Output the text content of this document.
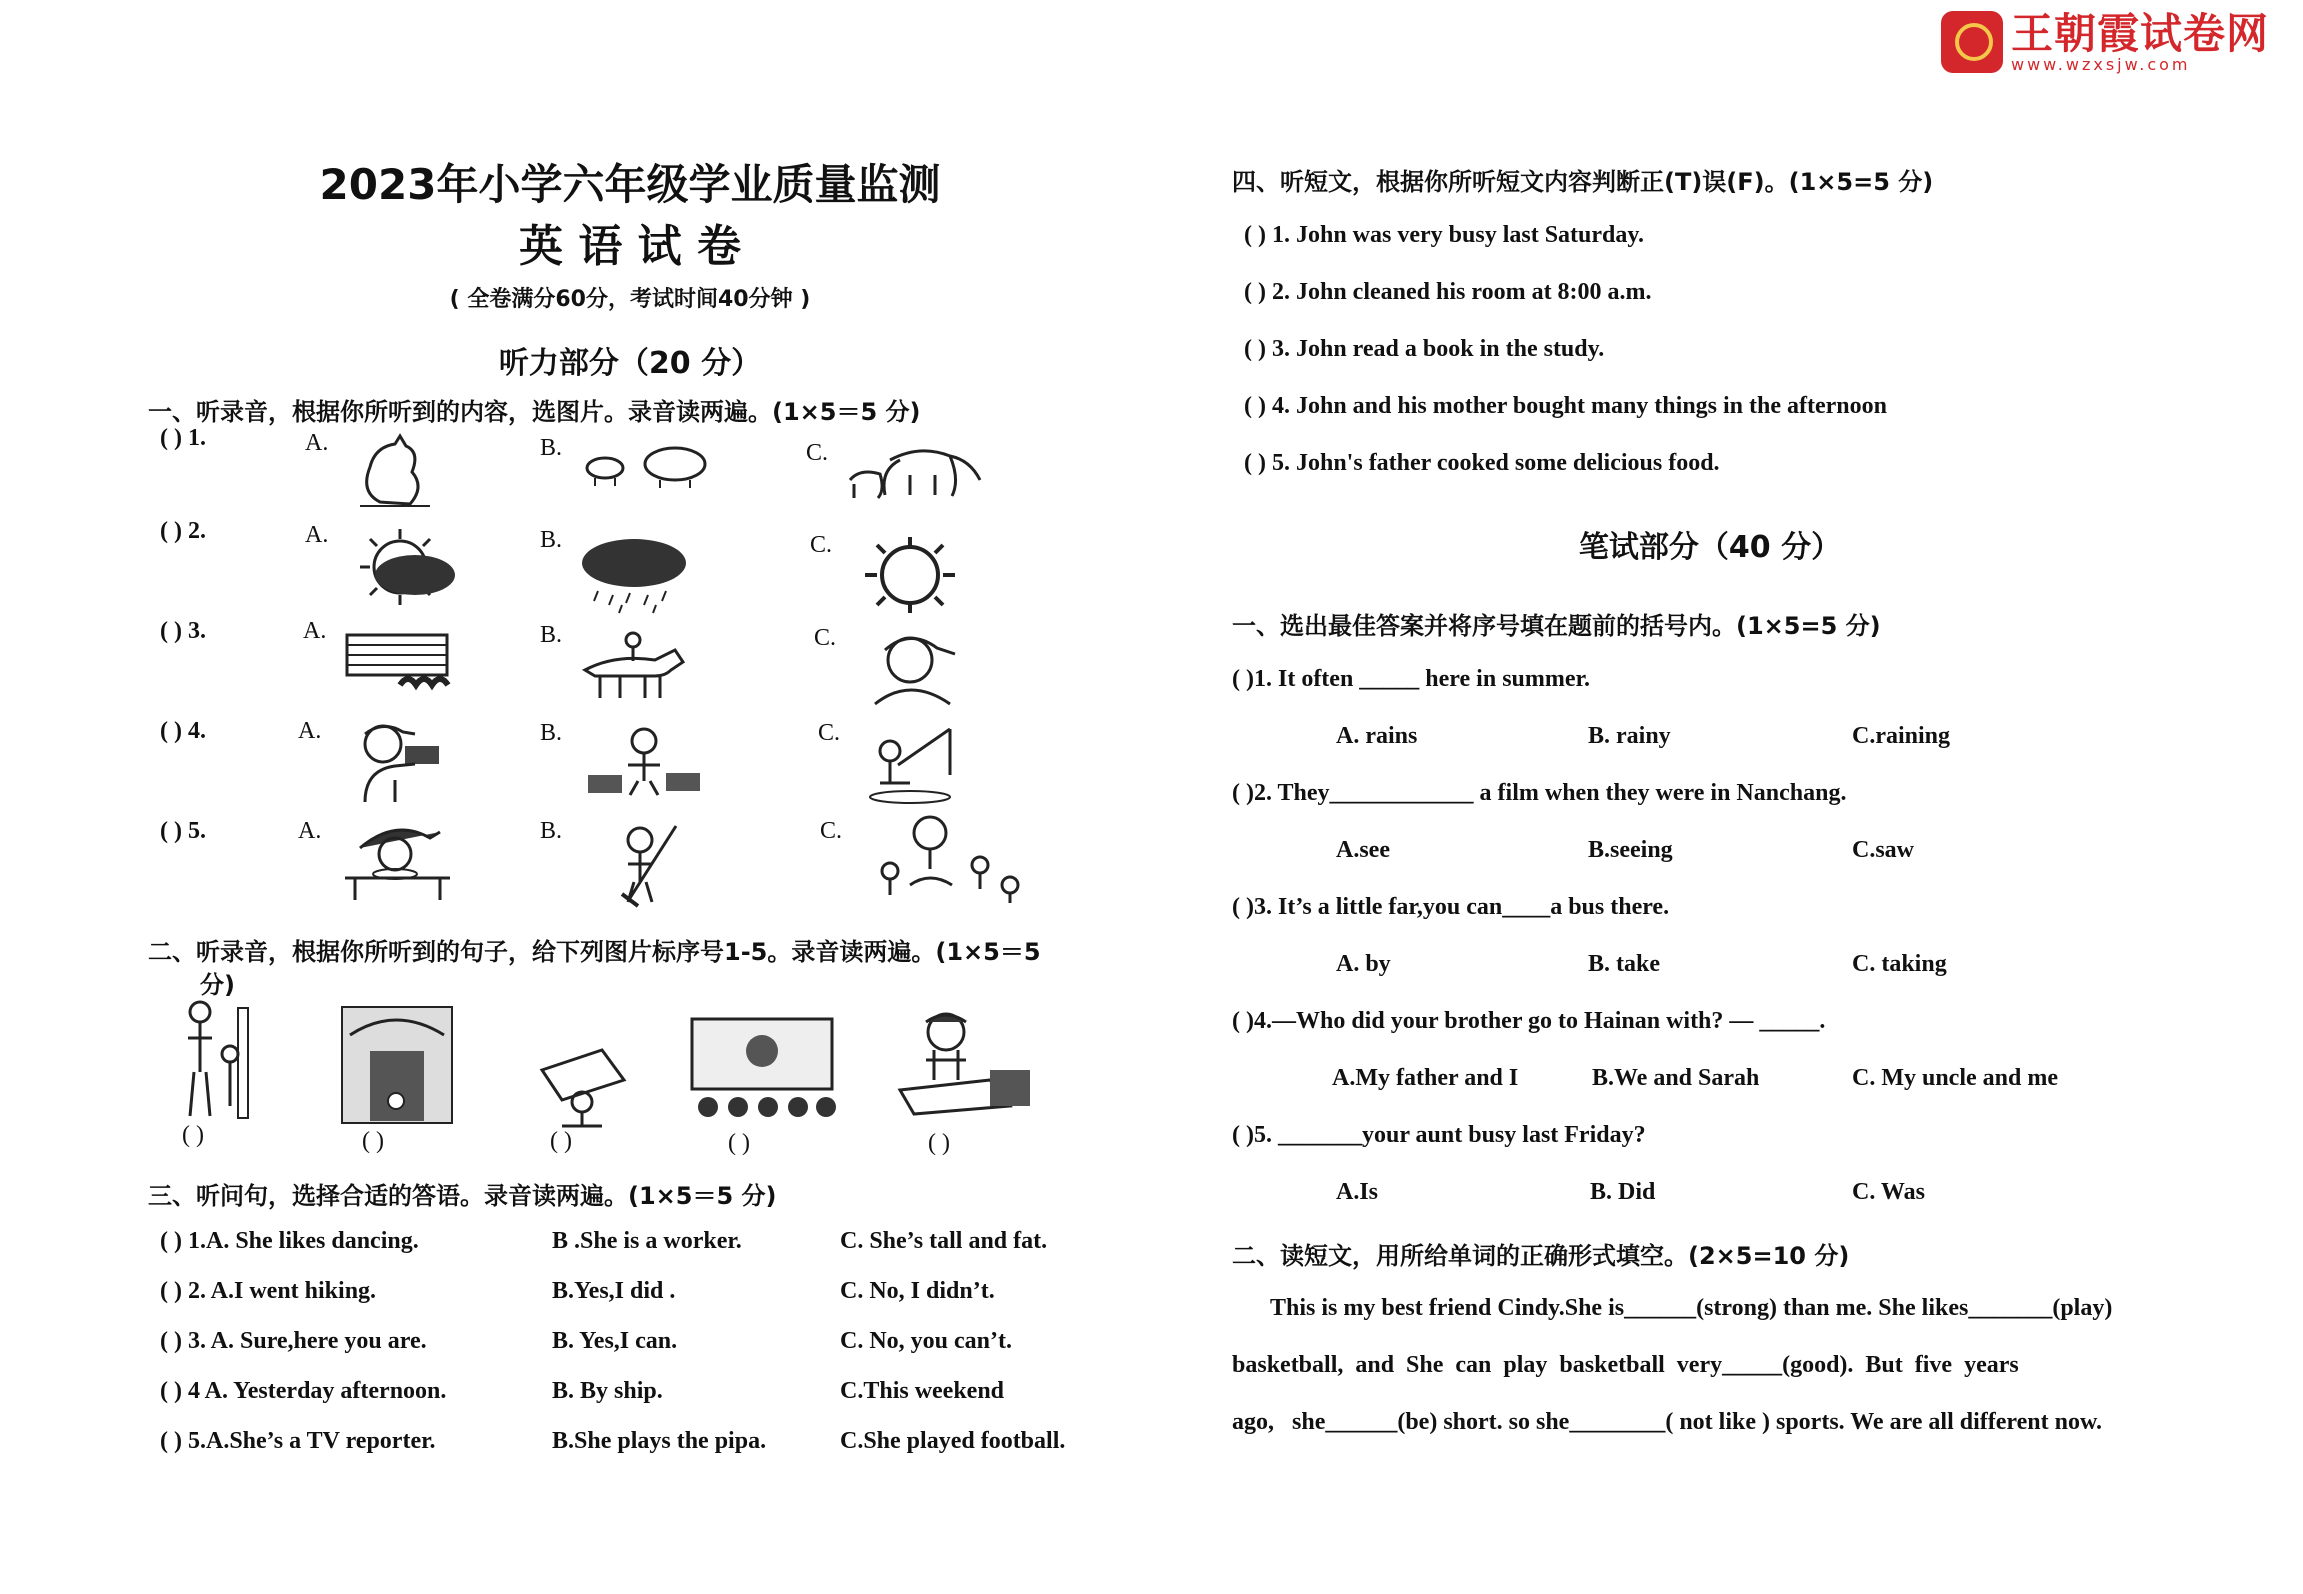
王朝霞试卷网
www.wzxsjw.com
2023年小学六年级学业质量监测
英 语 试 卷
( 全卷满分60分，考试时间40分钟 )
听力部分（20 分）
一、听录音，根据你所听到的内容，选图片。录音读两遍。(1×5＝5 分)
( ) 1.	A.	B.	C.
( ) 2.	A.	B.	C.
( ) 3.	A.	B.	C.
( ) 4.	A.	B.	C.
( ) 5.	A.	B.	C.
二、听录音，根据你所听到的句子，给下列图片标序号1-5。录音读两遍。(1×5＝5
分)
( )	( )	( )	( )	( )
三、听问句，选择合适的答语。录音读两遍。(1×5＝5 分)
( ) 1.A. She likes dancing.	B .She is a worker.	C. She’s tall and fat.
( ) 2. A.I went hiking.	B.Yes,I did .	C. No, I didn’t.
( ) 3. A. Sure,here you are.	B. Yes,I can.	C. No, you can’t.
( ) 4 A. Yesterday afternoon.	B. By ship.	C.This weekend
( ) 5.A.She’s a TV reporter.	B.She plays the pipa.	C.She played football.
四、听短文，根据你所听短文内容判断正(T)误(F)。(1×5=5 分)
( ) 1. John was very busy last Saturday.
( ) 2. John cleaned his room at 8:00 a.m.
( ) 3. John read a book in the study.
( ) 4. John and his mother bought many things in the afternoon
( ) 5. John's father cooked some delicious food.
笔试部分（40 分）
一、选出最佳答案并将序号填在题前的括号内。(1×5=5 分)
( )1. It often _____ here in summer.
A. rains	B. rainy	C.raining
( )2. They____________ a film when they were in Nanchang.
A.see	B.seeing	C.saw
( )3. It’s a little far,you can____a bus there.
A. by	B. take	C. taking
( )4.—Who did your brother go to Hainan with? — _____.
A.My father and I	B.We and Sarah	C. My uncle and me
( )5. _______your aunt busy last Friday?
A.Is	B. Did	C. Was
二、读短文，用所给单词的正确形式填空。(2×5=10 分)
This is my best friend Cindy.She is______(strong) than me. She likes_______(play)
basketball,  and  She  can  play  basketball  very_____(good).  But  five  years
ago,   she______(be) short. so she________( not like ) sports. We are all different now.
